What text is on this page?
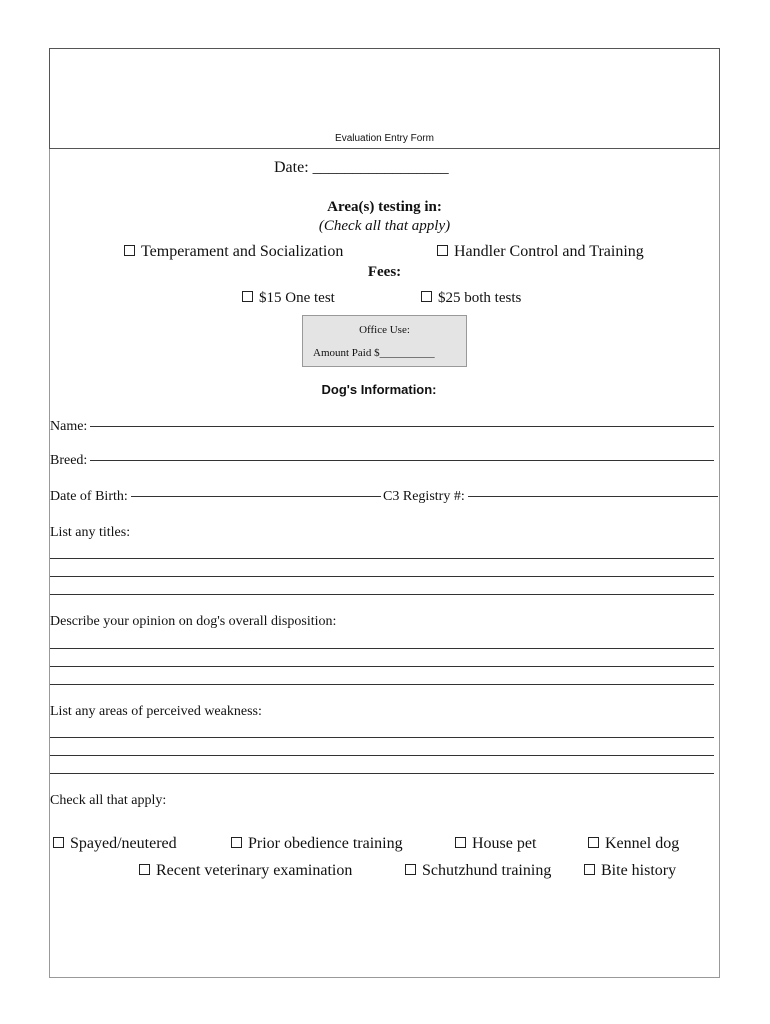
Evaluation Entry Form
Date: _________________
Area(s) testing in:
(Check all that apply)
Temperament and Socialization	Handler Control and Training
Fees:
$15 One test	$25 both tests
Office Use:
Amount Paid $__________
Dog's Information:
Name:
Breed:
Date of Birth:	C3 Registry #:
List any titles:
Describe your opinion on dog's overall disposition:
List any areas of perceived weakness:
Check all that apply:
Spayed/neutered	Prior obedience training	House pet	Kennel dog
Recent veterinary examination	Schutzhund training	Bite history
